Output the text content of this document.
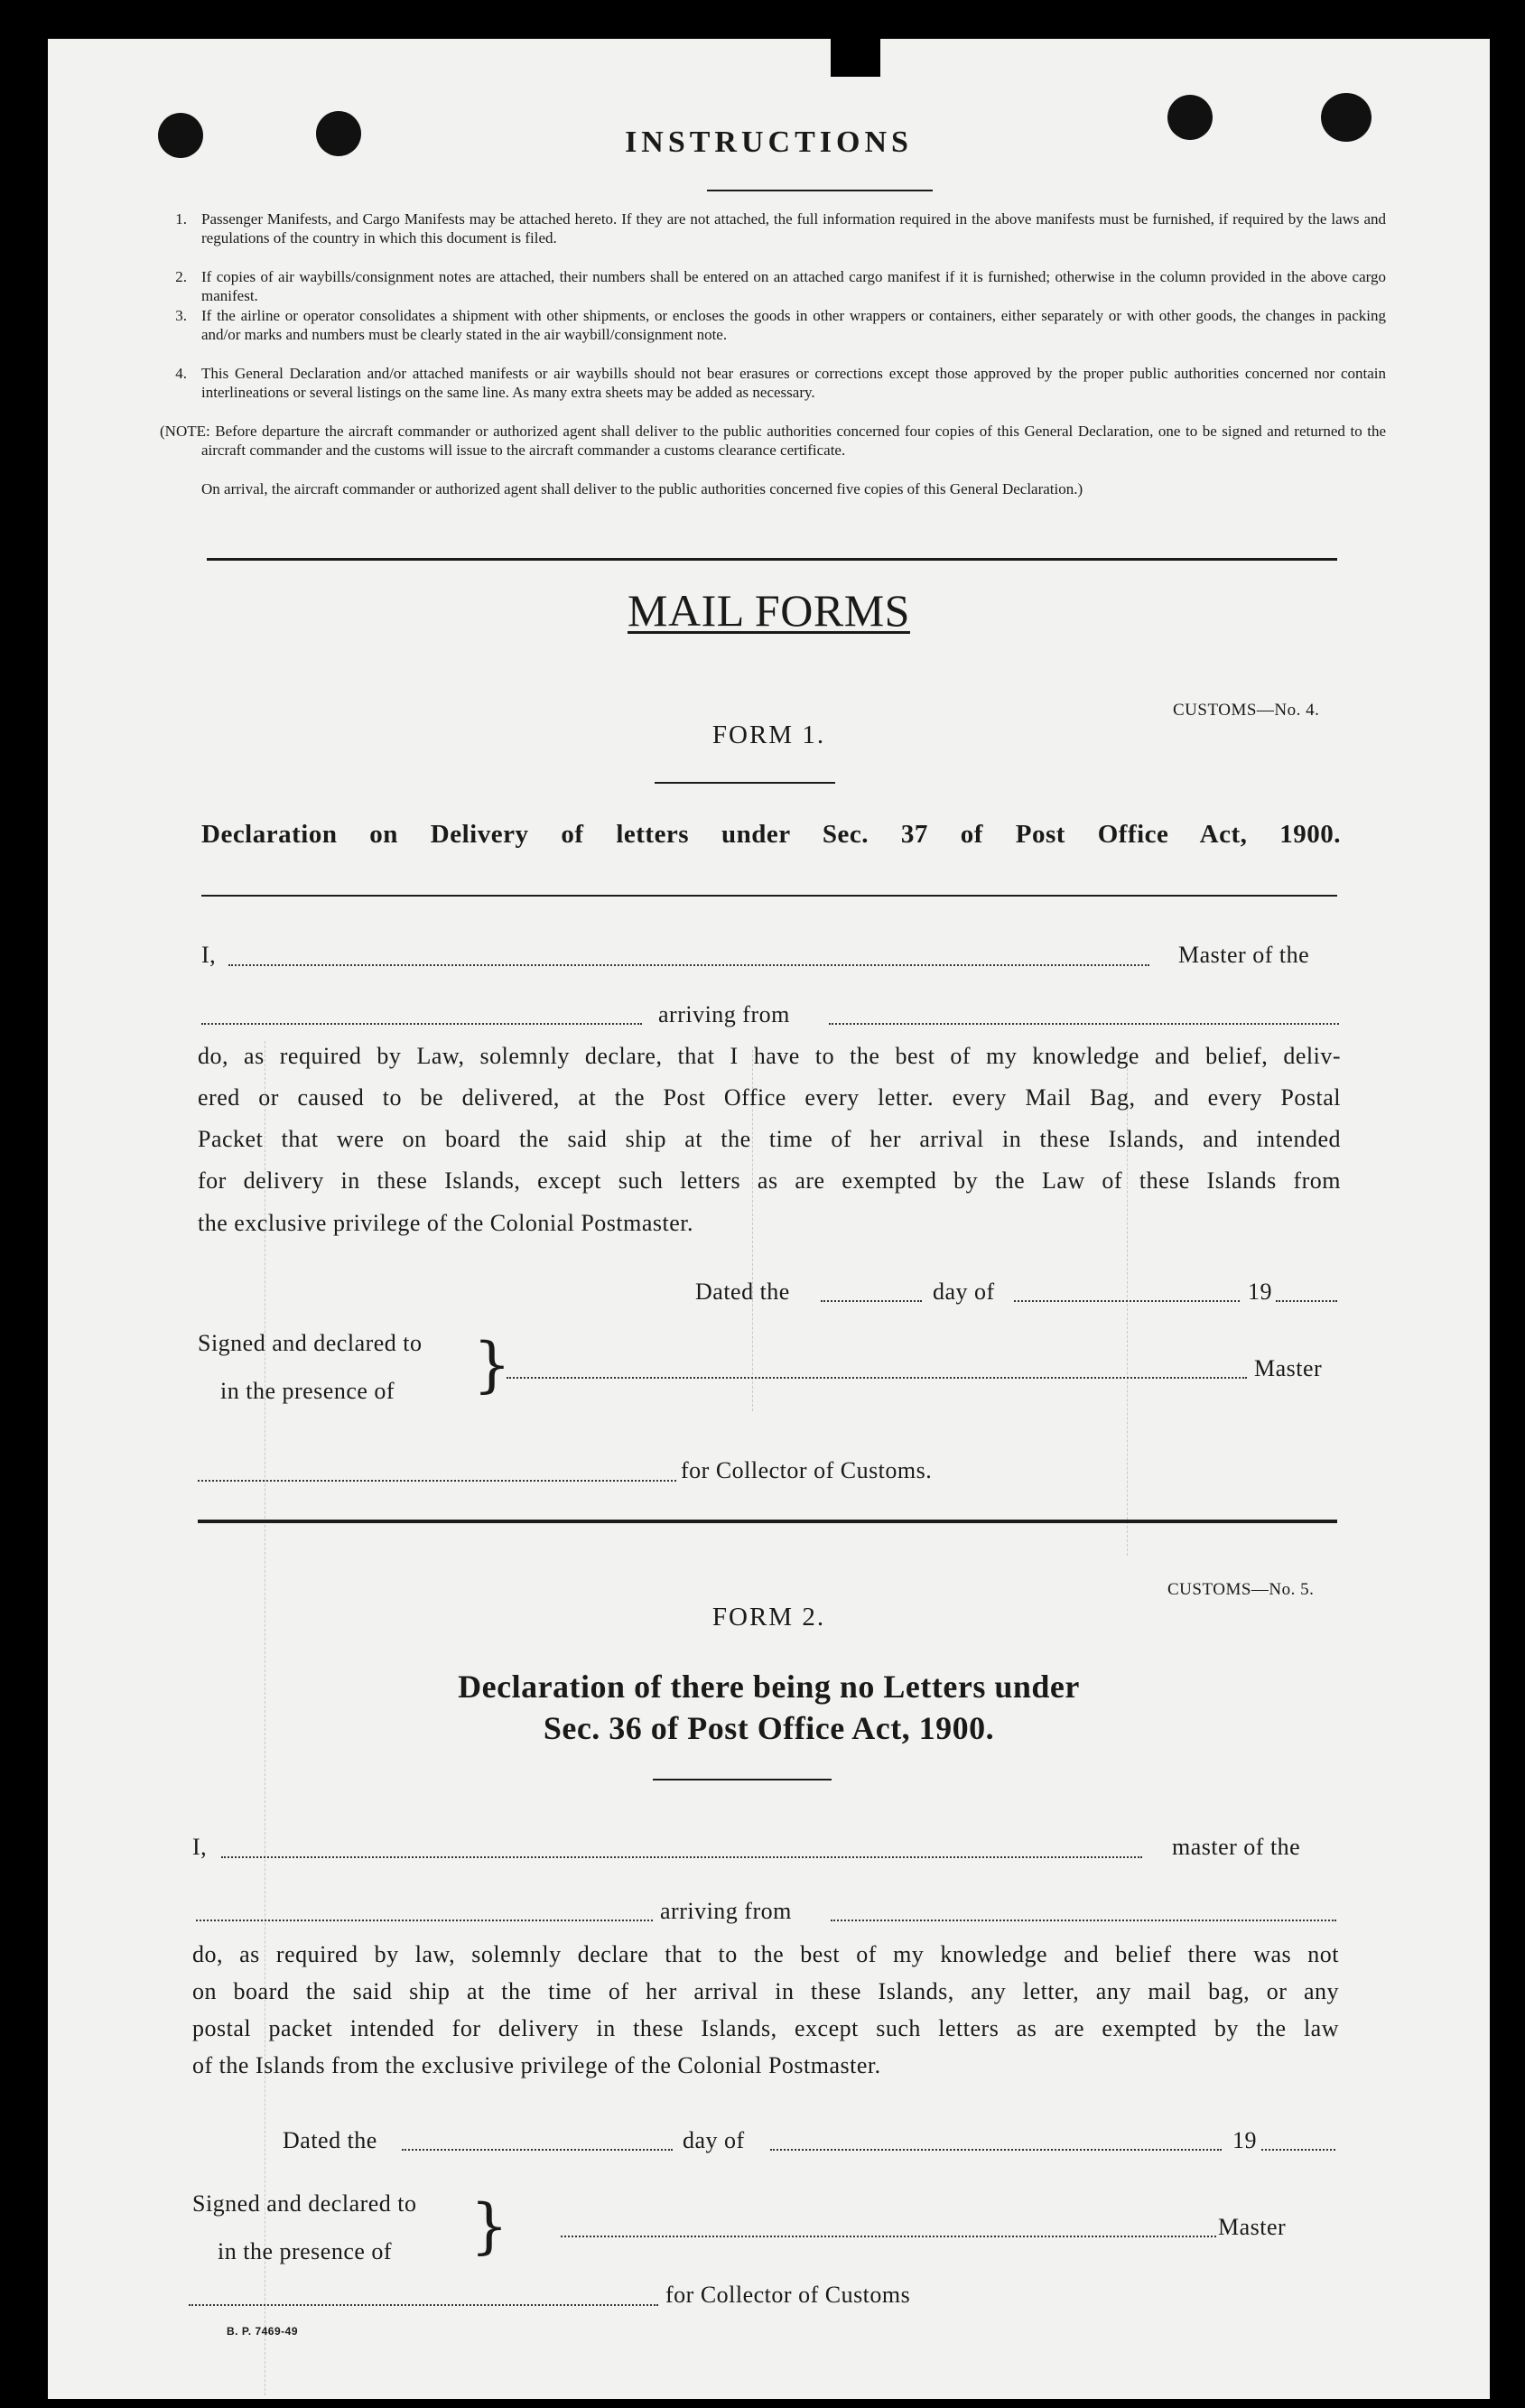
INSTRUCTIONS
1. Passenger Manifests, and Cargo Manifests may be attached hereto. If they are not attached, the full information required in the above manifests must be furnished, if required by the laws and regulations of the country in which this document is filed.
2. If copies of air waybills/consignment notes are attached, their numbers shall be entered on an attached cargo manifest if it is furnished; otherwise in the column provided in the above cargo manifest.
3. If the airline or operator consolidates a shipment with other shipments, or encloses the goods in other wrappers or containers, either separately or with other goods, the changes in packing and/or marks and numbers must be clearly stated in the air waybill/consignment note.
4. This General Declaration and/or attached manifests or air waybills should not bear erasures or corrections except those approved by the proper public authorities concerned nor contain interlineations or several listings on the same line. As many extra sheets may be added as necessary.
(NOTE: Before departure the aircraft commander or authorized agent shall deliver to the public authorities concerned four copies of this General Declaration, one to be signed and returned to the aircraft commander and the customs will issue to the aircraft commander a customs clearance certificate.
On arrival, the aircraft commander or authorized agent shall deliver to the public authorities concerned five copies of this General Declaration.)
MAIL FORMS
CUSTOMS—No. 4.
FORM 1.
Declaration on Delivery of letters under Sec. 37 of Post Office Act, 1900.
I,	Master of the
arriving from
do, as required by Law, solemnly declare, that I have to the best of my knowledge and belief, deliv-
ered or caused to be delivered, at the Post Office every letter. every Mail Bag, and every Postal
Packet that were on board the said ship at the time of her arrival in these Islands, and intended
for delivery in these Islands, except such letters as are exempted by the Law of these Islands from
the exclusive privilege of the Colonial Postmaster.
Dated the	day of	19
Signed and declared to
in the presence of }	Master
for Collector of Customs.
CUSTOMS—No. 5.
FORM 2.
Declaration of there being no Letters under
Sec. 36 of Post Office Act, 1900.
I,	master of the
arriving from
do, as required by law, solemnly declare that to the best of my knowledge and belief there was not
on board the said ship at the time of her arrival in these Islands, any letter, any mail bag, or any
postal packet intended for delivery in these Islands, except such letters as are exempted by the law
of the Islands from the exclusive privilege of the Colonial Postmaster.
Dated the	day of	19
Signed and declared to
in the presence of }	Master
for Collector of Customs
B. P. 7469-49
